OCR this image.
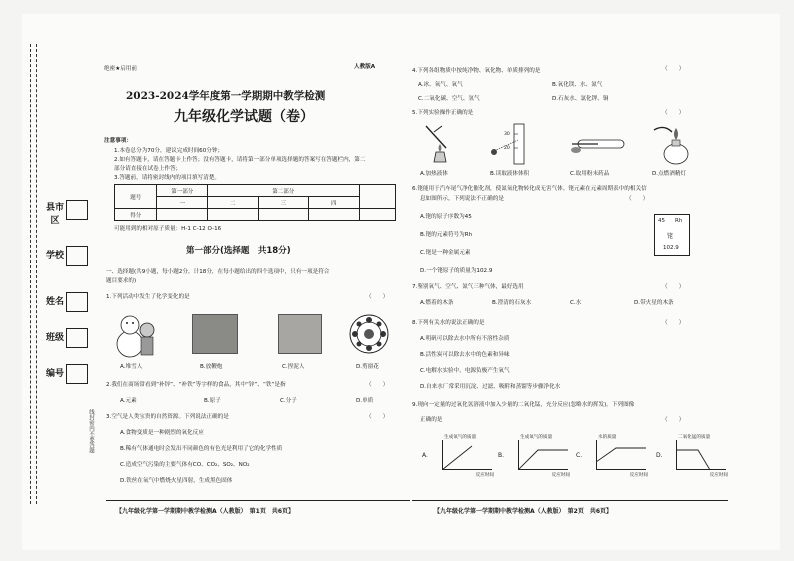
县市区
学校
姓名
班级
编号
线封密内不要答题
绝密★启用前	人教版A
2023-2024学年度第一学期期中教学检测
九年级化学试题（卷）
注意事项：
1.本卷总分为70分，建议完成时间60分钟；
2.如有答题卡，请在答题卡上作答；没有答题卡，请将第一部分单项选择题的答案写在答题栏内，第二
部分请直接在试卷上作答；
3.答题前，请将密封线内的项目填写清楚。
题号	第一部分	第二部分			
	一	二	三	四	
得分					
可能用到的相对原子质量：H-1 C-12 O-16
第一部分(选择题　共18分)
一、选择题(共9小题，每小题2分，计18分，在每小题给出的四个选项中，只有一项是符合
题目要求的)
1.下列活动中发生了化学变化的是	（　　）
A.堆雪人	B.放鞭炮	C.捏泥人	D.剪窗花
2.我们在商场常看到“补锌”、“补铁”等字样的食品，其中“锌”、“铁”是指	（　　）
A.元素	B.原子	C.分子	D.单质
3.空气是人类宝贵的自然资源。下列说法正确的是	（　　）
A.食物变质是一种剧烈的氧化反应
B.稀有气体通电时会发出不同颜色的有色光是利用了它的化学性质
C.造成空气污染的主要气体有CO、CO₂、SO₂、NO₂
D.铁丝在氧气中燃烧火星四射，生成黑色固体
【九年级化学第一学期期中教学检测A（人教版）　第1页　共6页】
4.下列各组物质中按纯净物、氧化物、单质排列的是	（　　）
A.冰、氧气、氧气	B.氧化镁、水、氮气
C.二氧化碳、空气、氢气	D.石灰水、氯化钾、铜
5.下列实验操作正确的是	（　　）
30
20
A.加热液体	B.读取液体体积	C.取用粉末药品	D.点燃酒精灯
6.铑能用于汽车尾气净化催化剂，使氮氧化物转化成无害气体。铑元素在元素周期表中的相关信
息如图所示，下列说法不正确的是	（　　）
A.铑的原子序数为45
B.铑的元素符号为Rh
C.铑是一种金属元素
D.一个铑原子的质量为102.9
45 Rh
铑
102.9
7.鉴别氧气、空气、氮气三种气体，最好选用	（　　）
A.燃着的木条	B.澄清的石灰水	C.水	D.带火星的木条
8.下列有关水的说法正确的是	（　　）
A.明矾可以除去水中所有不溶性杂质
B.活性炭可以除去水中的色素和异味
C.电解水实验中，电源负极产生氧气
D.自来水厂常采用沉淀、过滤、吸附和蒸馏等步骤净化水
9.现向一定量的过氧化氢溶液中加入少量的二氧化锰，充分反应(忽略水的挥发)。下列图像
正确的是	（　　）
A.
生成氧气的质量
反应时间
B.
生成氧气的质量
反应时间
C.
水的质量
反应时间
D.
二氧化锰的质量
反应时间
【九年级化学第一学期期中教学检测A（人教版）　第2页　共6页】
